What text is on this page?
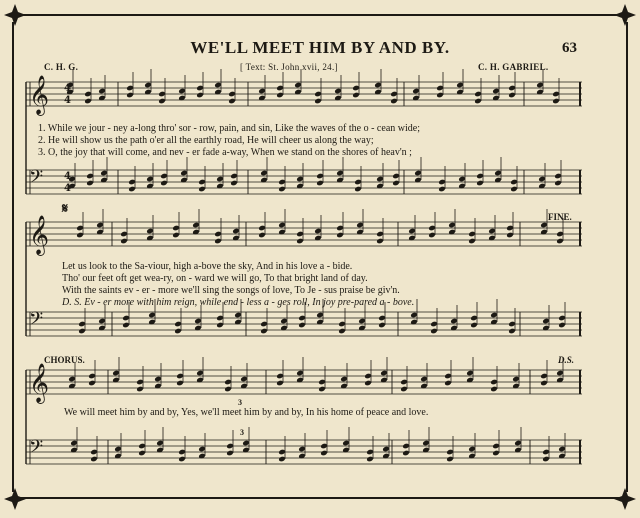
WE'LL MEET HIM BY AND BY.	63
C. H. G.	[ Text: St. John xvii, 24.]	C. H. GABRIEL.
𝄞
𝄢
𝄞
𝄢
𝄞
𝄢
4
4
4
4
1. While we jour - ney a-long thro' sor - row, pain, and sin, Like the waves of the o - cean wide;
2. He will show us the path o'er all the earthly road, He will cheer us along the way;
3. O, the joy that will come, and nev - er fade a-way, When we stand on the shores of heav'n ;
𝄋	FINE.
Let us look to the Sa-viour, high a-bove the sky, And in his love a - bide.
Tho' our feet oft get wea-ry, on - ward we will go, To that bright land of day.
With the saints ev - er - more we'll sing the songs of love, To Je - sus praise be giv'n.
D. S. Ev - er more with him reign, while end - less a - ges roll, In joy pre-pared a - bove.
CHORUS.	D.S.
3
3
We will meet him by and by, Yes, we'll meet him by and by, In his home of peace and love.
